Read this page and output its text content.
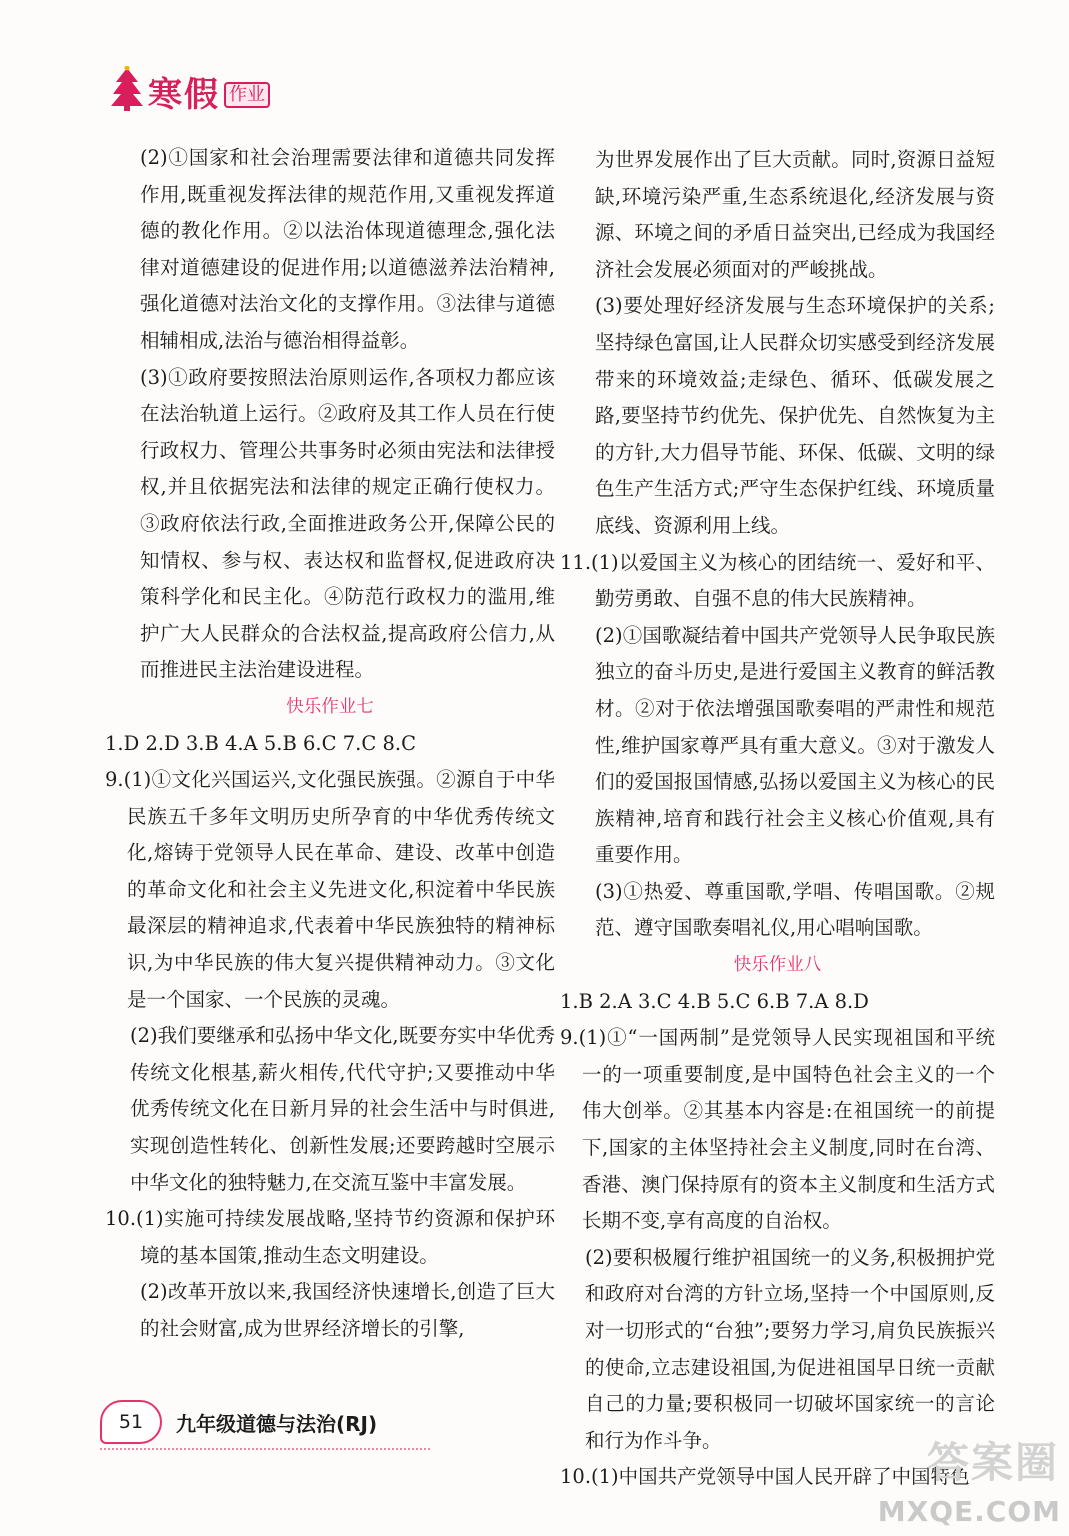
寒假 作业

(2)①国家和社会治理需要法律和道德共同发挥作用,既重视发挥法律的规范作用,又重视发挥道德的教化作用。②以法治体现道德理念,强化法律对道德建设的促进作用;以道德滋养法治精神,强化道德对法治文化的支撑作用。③法律与道德相辅相成,法治与德治相得益彰。

(3)①政府要按照法治原则运作,各项权力都应该在法治轨道上运行。②政府及其工作人员在行使行政权力、管理公共事务时必须由宪法和法律授权,并且依据宪法和法律的规定正确行使权力。③政府依法行政,全面推进政务公开,保障公民的知情权、参与权、表达权和监督权,促进政府决策科学化和民主化。④防范行政权力的滥用,维护广大人民群众的合法权益,提高政府公信力,从而推进民主法治建设进程。

快乐作业七

1.D 2.D 3.B 4.A 5.B 6.C 7.C 8.C

9.(1)①文化兴国运兴,文化强民族强。②源自于中华民族五千多年文明历史所孕育的中华优秀传统文化,熔铸于党领导人民在革命、建设、改革中创造的革命文化和社会主义先进文化,积淀着中华民族最深层的精神追求,代表着中华民族独特的精神标识,为中华民族的伟大复兴提供精神动力。③文化是一个国家、一个民族的灵魂。

(2)我们要继承和弘扬中华文化,既要夯实中华优秀传统文化根基,薪火相传,代代守护;又要推动中华优秀传统文化在日新月异的社会生活中与时俱进,实现创造性转化、创新性发展;还要跨越时空展示中华文化的独特魅力,在交流互鉴中丰富发展。

10.(1)实施可持续发展战略,坚持节约资源和保护环境的基本国策,推动生态文明建设。

(2)改革开放以来,我国经济快速增长,创造了巨大的社会财富,成为世界经济增长的引擎,

为世界发展作出了巨大贡献。同时,资源日益短缺,环境污染严重,生态系统退化,经济发展与资源、环境之间的矛盾日益突出,已经成为我国经济社会发展必须面对的严峻挑战。

(3)要处理好经济发展与生态环境保护的关系;坚持绿色富国,让人民群众切实感受到经济发展带来的环境效益;走绿色、循环、低碳发展之路,要坚持节约优先、保护优先、自然恢复为主的方针,大力倡导节能、环保、低碳、文明的绿色生产生活方式;严守生态保护红线、环境质量底线、资源利用上线。

11.(1)以爱国主义为核心的团结统一、爱好和平、勤劳勇敢、自强不息的伟大民族精神。

(2)①国歌凝结着中国共产党领导人民争取民族独立的奋斗历史,是进行爱国主义教育的鲜活教材。②对于依法增强国歌奏唱的严肃性和规范性,维护国家尊严具有重大意义。③对于激发人们的爱国报国情感,弘扬以爱国主义为核心的民族精神,培育和践行社会主义核心价值观,具有重要作用。

(3)①热爱、尊重国歌,学唱、传唱国歌。②规范、遵守国歌奏唱礼仪,用心唱响国歌。

快乐作业八

1.B 2.A 3.C 4.B 5.C 6.B 7.A 8.D

9.(1)①“一国两制”是党领导人民实现祖国和平统一的一项重要制度,是中国特色社会主义的一个伟大创举。②其基本内容是:在祖国统一的前提下,国家的主体坚持社会主义制度,同时在台湾、香港、澳门保持原有的资本主义制度和生活方式长期不变,享有高度的自治权。

(2)要积极履行维护祖国统一的义务,积极拥护党和政府对台湾的方针立场,坚持一个中国原则,反对一切形式的“台独”;要努力学习,肩负民族振兴的使命,立志建设祖国,为促进祖国早日统一贡献自己的力量;要积极同一切破坏国家统一的言论和行为作斗争。

10.(1)中国共产党领导中国人民开辟了中国特色

51	九年级道德与法治(RJ)
答案圈
MXQE.COM
